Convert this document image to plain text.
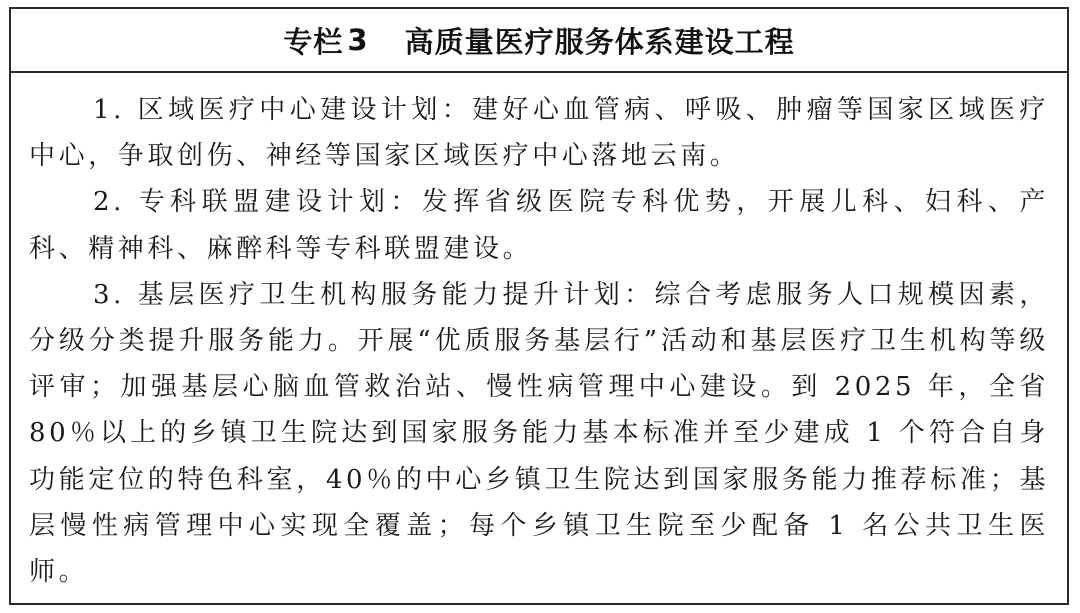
专栏 3 高质量医疗服务体系建设工程

1. 区域医疗中心建设计划：建好心血管病、呼吸、肿瘤等国家区域医疗中心，争取创伤、神经等国家区域医疗中心落地云南。

2. 专科联盟建设计划：发挥省级医院专科优势，开展儿科、妇科、产科、精神科、麻醉科等专科联盟建设。

3. 基层医疗卫生机构服务能力提升计划：综合考虑服务人口规模因素，分级分类提升服务能力。开展“优质服务基层行”活动和基层医疗卫生机构等级评审；加强基层心脑血管救治站、慢性病管理中心建设。到 2025 年，全省 80％以上的乡镇卫生院达到国家服务能力基本标准并至少建成 1 个符合自身功能定位的特色科室，40％的中心乡镇卫生院达到国家服务能力推荐标准；基层慢性病管理中心实现全覆盖；每个乡镇卫生院至少配备 1 名公共卫生医师。
